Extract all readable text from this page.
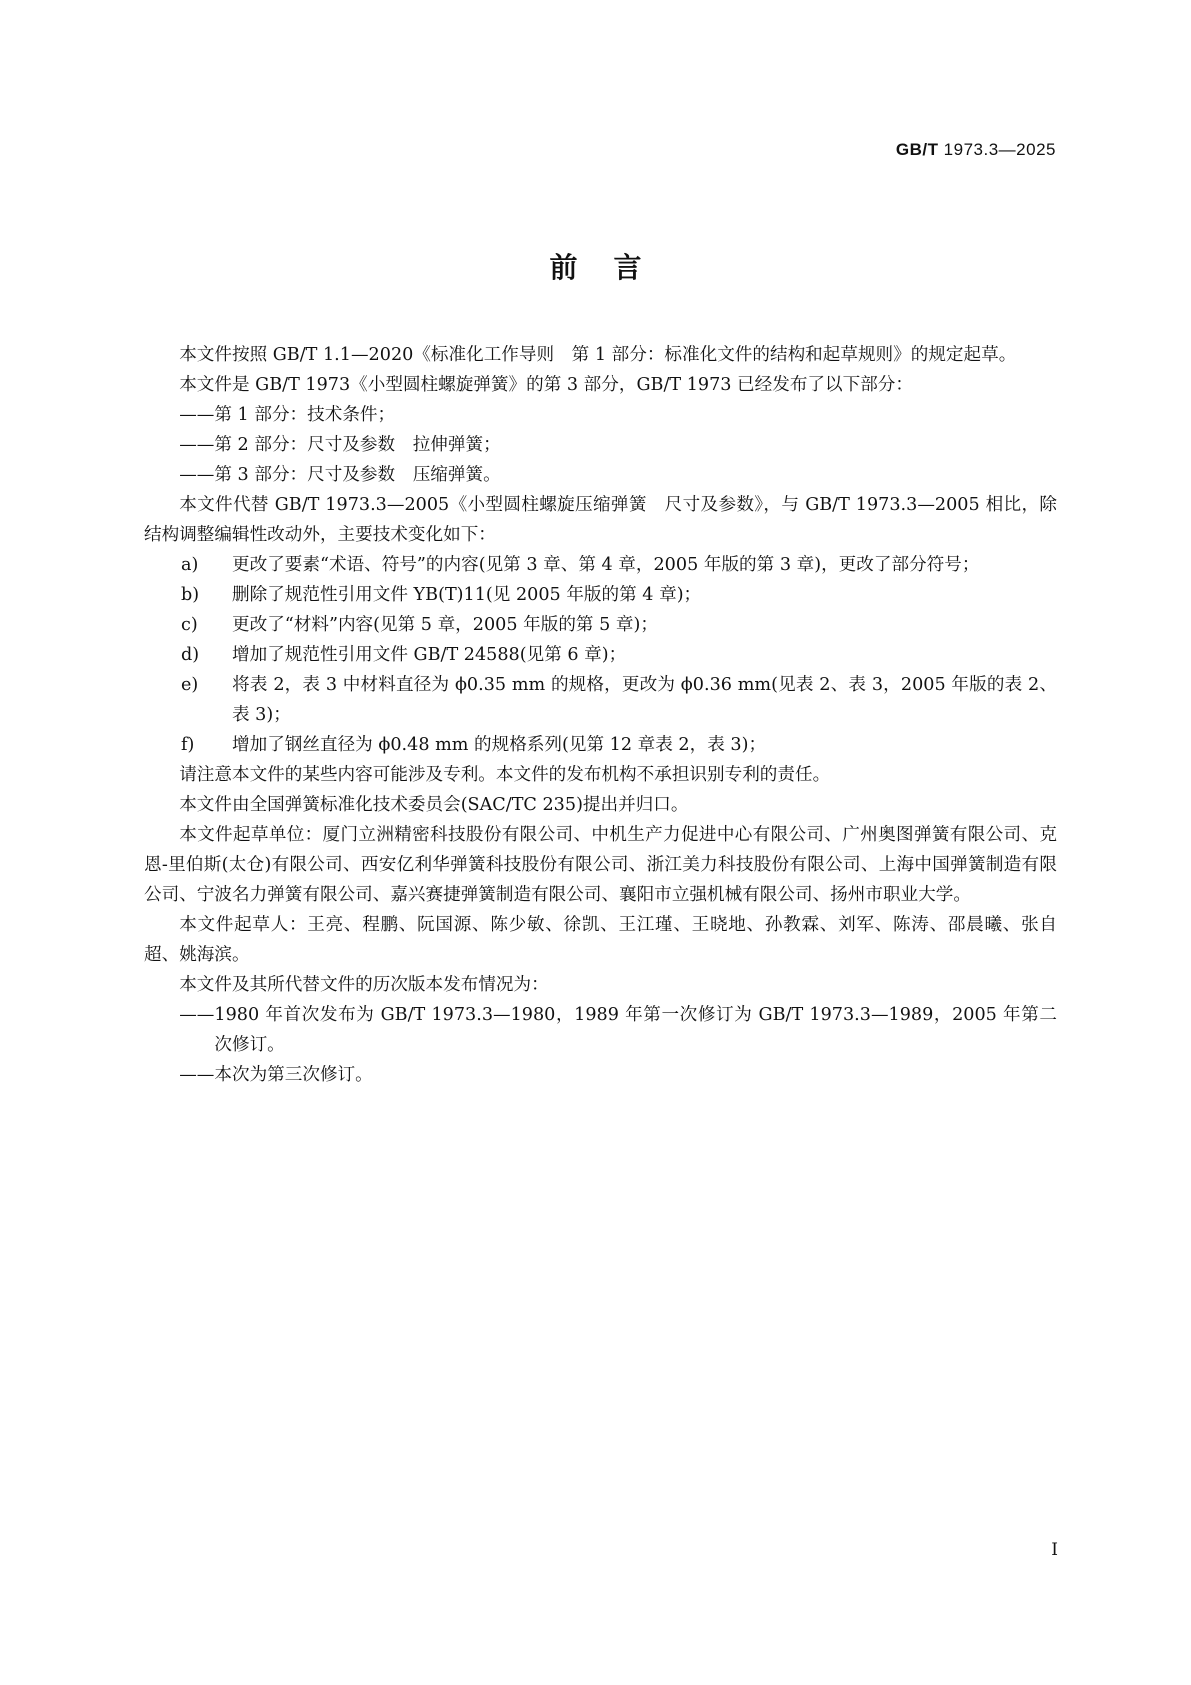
GB/T 1973.3—2025
前言

本文件按照 GB/T 1.1—2020《标准化工作导则　第 1 部分：标准化文件的结构和起草规则》的规定起草。

本文件是 GB/T 1973《小型圆柱螺旋弹簧》的第 3 部分，GB/T 1973 已经发布了以下部分：

——第 1 部分：技术条件；

——第 2 部分：尺寸及参数　拉伸弹簧；

——第 3 部分：尺寸及参数　压缩弹簧。

本文件代替 GB/T 1973.3—2005《小型圆柱螺旋压缩弹簧　尺寸及参数》，与 GB/T 1973.3—2005 相比，除结构调整编辑性改动外，主要技术变化如下：

a) 更改了要素“术语、符号”的内容(见第 3 章、第 4 章，2005 年版的第 3 章)，更改了部分符号；

b) 删除了规范性引用文件 YB(T)11(见 2005 年版的第 4 章)；

c) 更改了“材料”内容(见第 5 章，2005 年版的第 5 章)；

d) 增加了规范性引用文件 GB/T 24588(见第 6 章)；

e) 将表 2，表 3 中材料直径为 ϕ0.35 mm 的规格，更改为 ϕ0.36 mm(见表 2、表 3，2005 年版的表 2、表 3)；

f) 增加了钢丝直径为 ϕ0.48 mm 的规格系列(见第 12 章表 2，表 3)；

请注意本文件的某些内容可能涉及专利。本文件的发布机构不承担识别专利的责任。

本文件由全国弹簧标准化技术委员会(SAC/TC 235)提出并归口。

本文件起草单位：厦门立洲精密科技股份有限公司、中机生产力促进中心有限公司、广州奥图弹簧有限公司、克恩-里伯斯(太仓)有限公司、西安亿利华弹簧科技股份有限公司、浙江美力科技股份有限公司、上海中国弹簧制造有限公司、宁波名力弹簧有限公司、嘉兴赛捷弹簧制造有限公司、襄阳市立强机械有限公司、扬州市职业大学。

本文件起草人：王亮、程鹏、阮国源、陈少敏、徐凯、王江瑾、王晓地、孙教霖、刘军、陈涛、邵晨曦、张自超、姚海滨。

本文件及其所代替文件的历次版本发布情况为：

——1980 年首次发布为 GB/T 1973.3—1980，1989 年第一次修订为 GB/T 1973.3—1989，2005 年第二次修订。

——本次为第三次修订。

I
